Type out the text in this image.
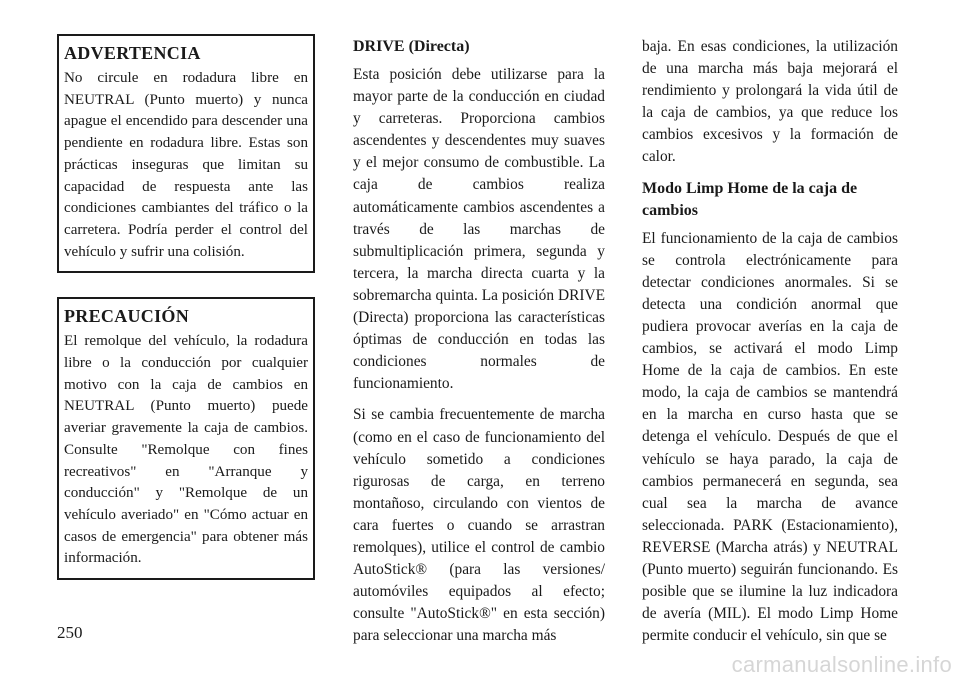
ADVERTENCIA

No circule en rodadura libre en NEUTRAL (Punto muerto) y nunca apague el encendido para descender una pendiente en rodadura libre. Estas son prácticas inseguras que limitan su capacidad de respuesta ante las condiciones cambiantes del tráfico o la carretera. Podría perder el control del vehículo y sufrir una colisión.

PRECAUCIÓN

El remolque del vehículo, la rodadura libre o la conducción por cualquier motivo con la caja de cambios en NEUTRAL (Punto muerto) puede averiar gravemente la caja de cambios. Consulte "Remolque con fines recreativos" en "Arranque y conducción" y "Remolque de un vehículo averiado" en "Cómo actuar en casos de emergencia" para obtener más información.

DRIVE (Directa)

Esta posición debe utilizarse para la mayor parte de la conducción en ciudad y carreteras. Proporciona cambios ascendentes y descendentes muy suaves y el mejor consumo de combustible. La caja de cambios realiza automáticamente cambios ascendentes a través de las marchas de submultiplicación primera, segunda y tercera, la marcha directa cuarta y la sobremarcha quinta. La posición DRIVE (Directa) proporciona las características óptimas de conducción en todas las condiciones normales de funcionamiento.

Si se cambia frecuentemente de marcha (como en el caso de funcionamiento del vehículo sometido a condiciones rigurosas de carga, en terreno montañoso, circulando con vientos de cara fuertes o cuando se arrastran remolques), utilice el control de cambio AutoStick® (para las versiones/ automóviles equipados al efecto; consulte "AutoStick®" en esta sección) para seleccionar una marcha más

baja. En esas condiciones, la utilización de una marcha más baja mejorará el rendimiento y prolongará la vida útil de la caja de cambios, ya que reduce los cambios excesivos y la formación de calor.

Modo Limp Home de la caja de cambios

El funcionamiento de la caja de cambios se controla electrónicamente para detectar condiciones anormales. Si se detecta una condición anormal que pudiera provocar averías en la caja de cambios, se activará el modo Limp Home de la caja de cambios. En este modo, la caja de cambios se mantendrá en la marcha en curso hasta que se detenga el vehículo. Después de que el vehículo se haya parado, la caja de cambios permanecerá en segunda, sea cual sea la marcha de avance seleccionada. PARK (Estacionamiento), REVERSE (Marcha atrás) y NEUTRAL (Punto muerto) seguirán funcionando. Es posible que se ilumine la luz indicadora de avería (MIL). El modo Limp Home permite conducir el vehículo, sin que se

250
carmanualsonline.info
